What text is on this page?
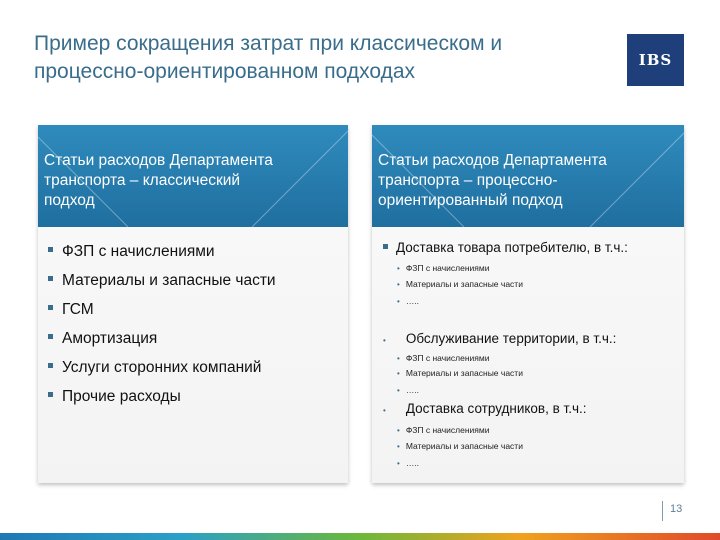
Пример сокращения затрат при классическом и
процессно-ориентированном подходах	IBS
Статьи расходов Департамента
транспорта – классический
подход
ФЗП с начислениями
Материалы и запасные части
ГСМ
Амортизация
Услуги сторонних компаний
Прочие расходы
Статьи расходов Департамента
транспорта – процессно-
ориентированный подход
Доставка товара потребителю, в т.ч.:
• ФЗП с начислениями
• Материалы и запасные части
• …..
• Обслуживание территории, в т.ч.:
• ФЗП с начислениями
• Материалы и запасные части
• …..
• Доставка сотрудников, в т.ч.:
• ФЗП с начислениями
• Материалы и запасные части
• …..
13
